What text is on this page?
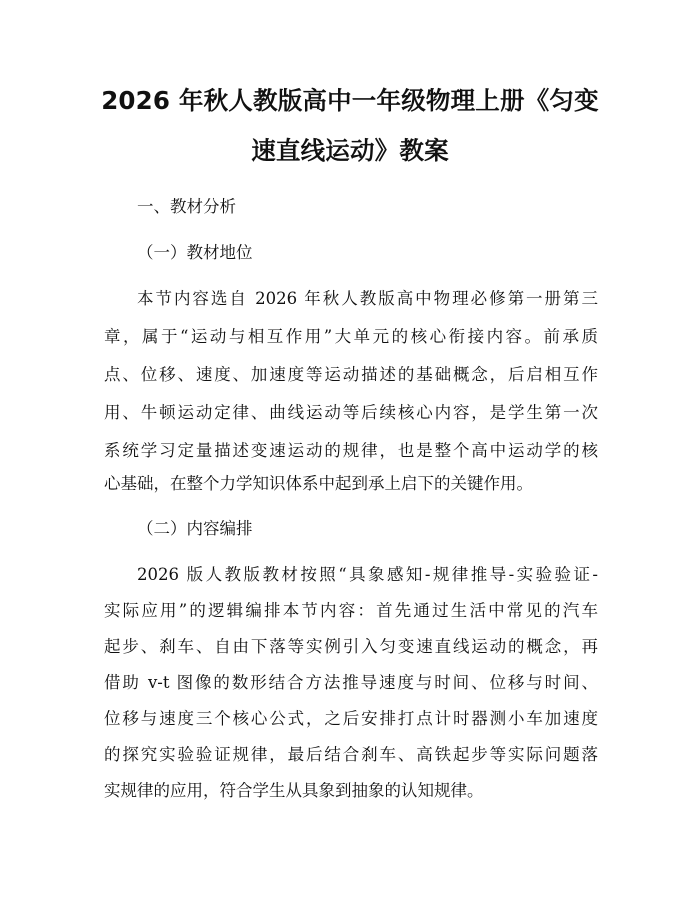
2026 年秋人教版高中一年级物理上册《匀变
速直线运动》教案
一、教材分析
（一）教材地位
本节内容选自 2026 年秋人教版高中物理必修第一册第三
章，属于“运动与相互作用”大单元的核心衔接内容。前承质
点、位移、速度、加速度等运动描述的基础概念，后启相互作
用、牛顿运动定律、曲线运动等后续核心内容，是学生第一次
系统学习定量描述变速运动的规律，也是整个高中运动学的核
心基础，在整个力学知识体系中起到承上启下的关键作用。
（二）内容编排
2026 版人教版教材按照“具象感知-规律推导-实验验证-
实际应用”的逻辑编排本节内容：首先通过生活中常见的汽车
起步、刹车、自由下落等实例引入匀变速直线运动的概念，再
借助 v-t 图像的数形结合方法推导速度与时间、位移与时间、
位移与速度三个核心公式，之后安排打点计时器测小车加速度
的探究实验验证规律，最后结合刹车、高铁起步等实际问题落
实规律的应用，符合学生从具象到抽象的认知规律。
